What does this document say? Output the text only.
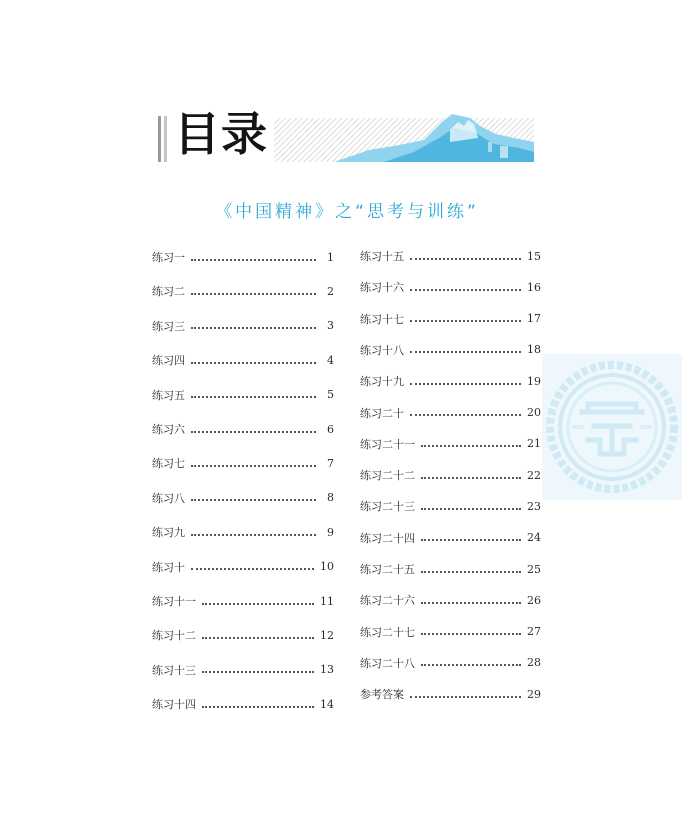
目录
《中国精神》之“思考与训练”
练习一	1
练习二	2
练习三	3
练习四	4
练习五	5
练习六	6
练习七	7
练习八	8
练习九	9
练习十	10
练习十一	11
练习十二	12
练习十三	13
练习十四	14
练习十五	15
练习十六	16
练习十七	17
练习十八	18
练习十九	19
练习二十	20
练习二十一	21
练习二十二	22
练习二十三	23
练习二十四	24
练习二十五	25
练习二十六	26
练习二十七	27
练习二十八	28
参考答案	29
